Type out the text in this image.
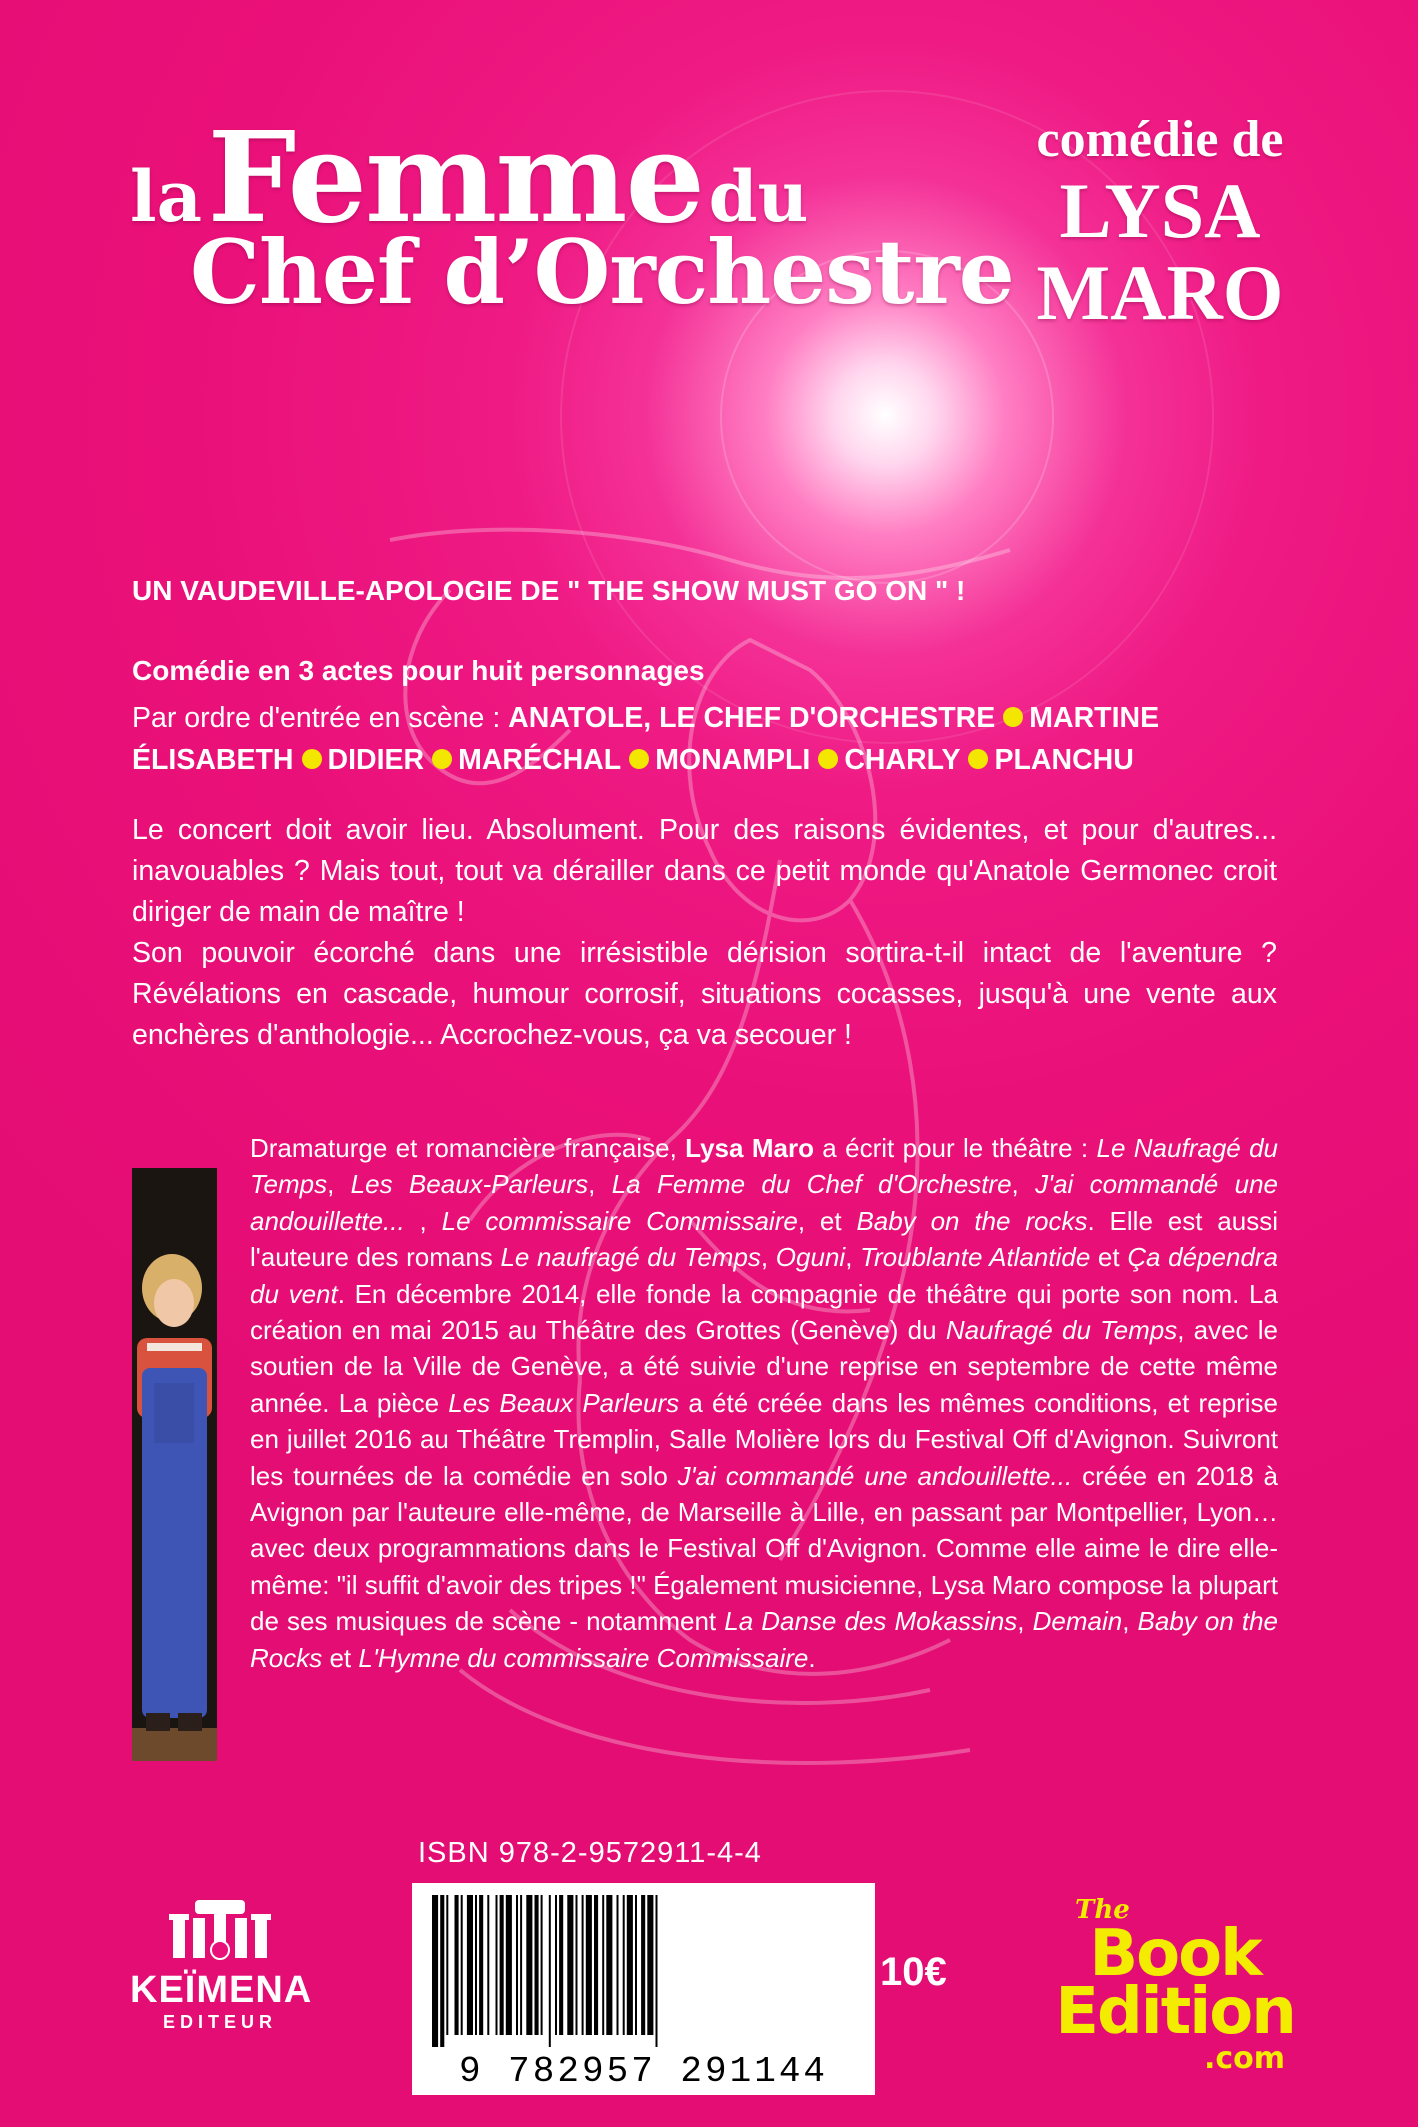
la Femme du
Chef d’Orchestre
comédie de
LYSA
MARO
UN VAUDEVILLE-APOLOGIE DE " THE SHOW MUST GO ON " !
Comédie en 3 actes pour huit personnages
Par ordre d'entrée en scène : ANATOLE, LE CHEF D'ORCHESTRE MARTINE
ÉLISABETH DIDIER MARÉCHAL MONAMPLI CHARLY PLANCHU

Le concert doit avoir lieu. Absolument. Pour des raisons évidentes, et pour d'autres... inavouables ? Mais tout, tout va dérailler dans ce petit monde qu'Anatole Germonec croit diriger de main de maître !

Son pouvoir écorché dans une irrésistible dérision sortira-t-il intact de l'aventure ? Révélations en cascade, humour corrosif, situations cocasses, jusqu'à une vente aux enchères d'anthologie... Accrochez-vous, ça va secouer !

Dramaturge et romancière française, Lysa Maro a écrit pour le théâtre : Le Naufragé du Temps, Les Beaux-Parleurs, La Femme du Chef d'Orchestre, J'ai commandé une andouillette... , Le commissaire Commissaire, et Baby on the rocks. Elle est aussi l'auteure des romans Le naufragé du Temps, Oguni, Troublante Atlantide et Ça dépendra du vent. En décembre 2014, elle fonde la compagnie de théâtre qui porte son nom. La création en mai 2015 au Théâtre des Grottes (Genève) du Naufragé du Temps, avec le soutien de la Ville de Genève, a été suivie d'une reprise en septembre de cette même année. La pièce Les Beaux Parleurs a été créée dans les mêmes conditions, et reprise en juillet 2016 au Théâtre Tremplin, Salle Molière lors du Festival Off d'Avignon. Suivront les tournées de la comédie en solo J'ai commandé une andouillette... créée en 2018 à Avignon par l'auteure elle-même, de Marseille à Lille, en passant par Montpellier, Lyon… avec deux programmations dans le Festival Off d'Avignon. Comme elle aime le dire elle-même: "il suffit d'avoir des tripes !" Également musicienne, Lysa Maro compose la plupart de ses musiques de scène - notamment La Danse des Mokassins, Demain, Baby on the Rocks et L'Hymne du commissaire Commissaire.
KEÏMENA
EDITEUR
ISBN 978-2-9572911-4-4
9 782957 291144
10€
The
Book
Edition
.com
